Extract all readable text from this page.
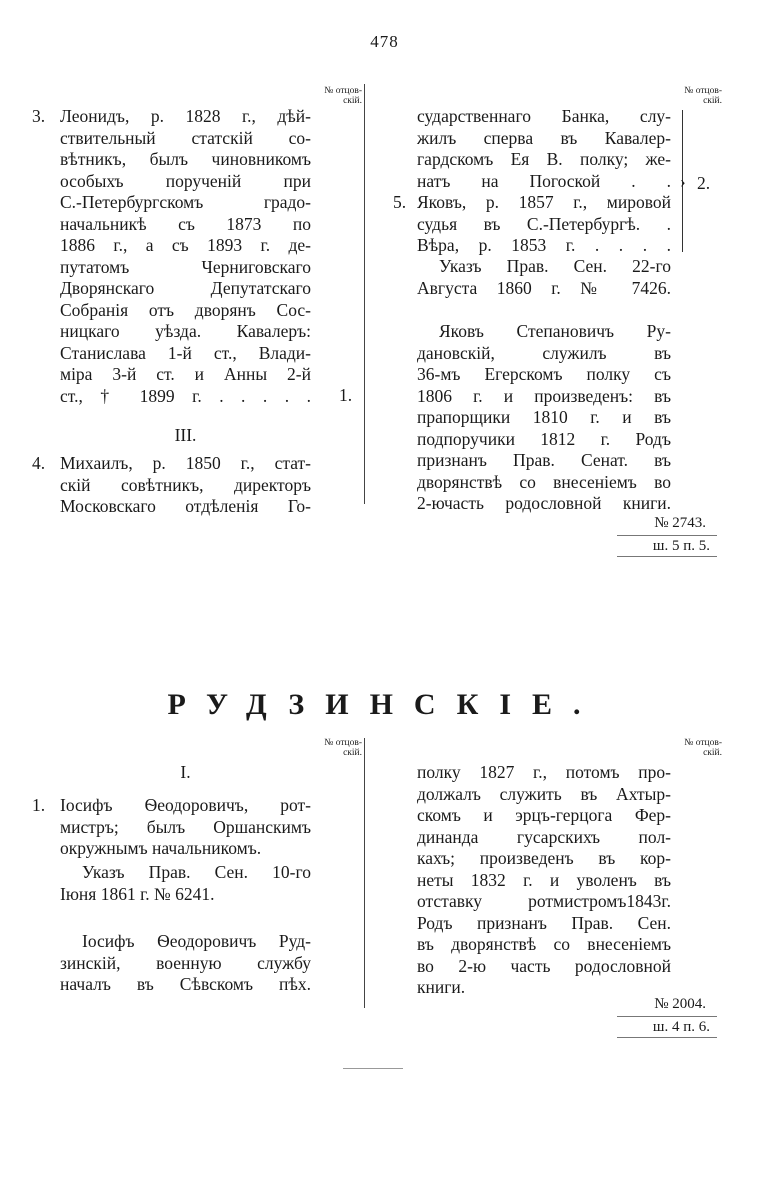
478
№ отцов-
скій.
№ отцов-
скій.
3. Леонидъ, р. 1828 г., дѣй-
ствительный статскій со-
вѣтникъ, былъ чиновникомъ
особыхъ порученій при
С.-Петербургскомъ градо-
начальникѣ съ 1873 по
1886 г., а съ 1893 г. де-
путатомъ Черниговскаго
Дворянскаго Депутатскаго
Собранія отъ дворянъ Сос-
ницкаго уѣзда. Кавалеръ:
Станислава 1-й ст., Влади-
міра 3-й ст. и Анны 2-й
ст., † 1899 г. . . . . . 1.
III.
4. Михаилъ, р. 1850 г., стат-
скій совѣтникъ, директоръ
Московскаго отдѣленія Го-
сударственнаго Банка, слу-
жилъ сперва въ Кавалер-
гардскомъ Ея В. полку; же-
натъ на Погоской . .
5. Яковъ, р. 1857 г., мировой
судья въ С.-Петербургѣ. .
Вѣра, р. 1853 г. . . . .
› 2.
Указъ Прав. Сен. 22-го
Августа 1860 г. № 7426.
Яковъ Степановичъ Ру-
дановскій, служилъ въ
36-мъ Егерскомъ полку съ
1806 г. и произведенъ: въ
прапорщики 1810 г. и въ
подпоручики 1812 г. Родъ
признанъ Прав. Сенат. въ
дворянствѣ со внесеніемъ во
2-ючасть родословной книги.
№ 2743.
ш. 5 п. 5.
РУДЗИНСКІЕ.
№ отцов-
скій.
№ отцов-
скій.
I.
1. Іосифъ Ѳеодоровичъ, рот-
мистръ; былъ Оршанскимъ
окружнымъ начальникомъ.
Указъ Прав. Сен. 10-го
Іюня 1861 г. № 6241.
Іосифъ Ѳеодоровичъ Руд-
зинскій, военную службу
началъ въ Сѣвскомъ пѣх.
полку 1827 г., потомъ про-
должалъ служить въ Ахтыр-
скомъ и эрцъ-герцога Фер-
динанда гусарскихъ пол-
кахъ; произведенъ въ кор-
неты 1832 г. и уволенъ въ
отставку ротмистромъ1843г.
Родъ признанъ Прав. Сен.
въ дворянствѣ со внесеніемъ
во 2-ю часть родословной
книги.
№ 2004.
ш. 4 п. 6.
